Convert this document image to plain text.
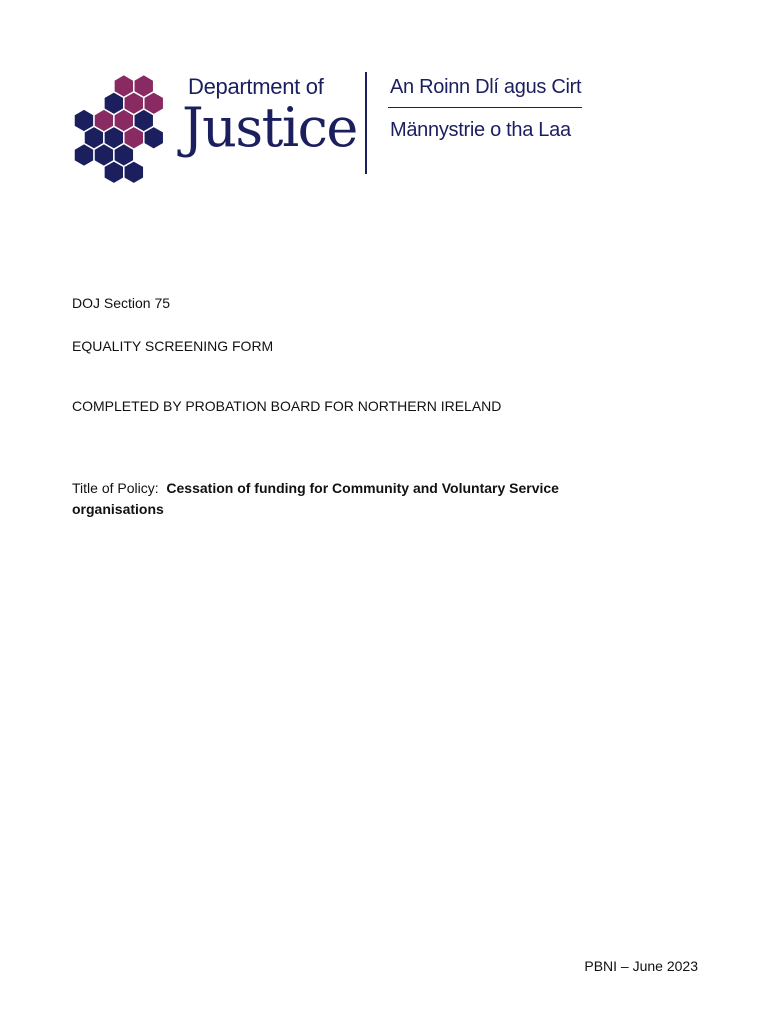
Department of
Justice
An Roinn Dlí agus Cirt
Männystrie o tha Laa

DOJ Section 75

EQUALITY SCREENING FORM

COMPLETED BY PROBATION BOARD FOR NORTHERN IRELAND

Title of Policy: Cessation of funding for Community and Voluntary Service organisations

PBNI – June 2023
